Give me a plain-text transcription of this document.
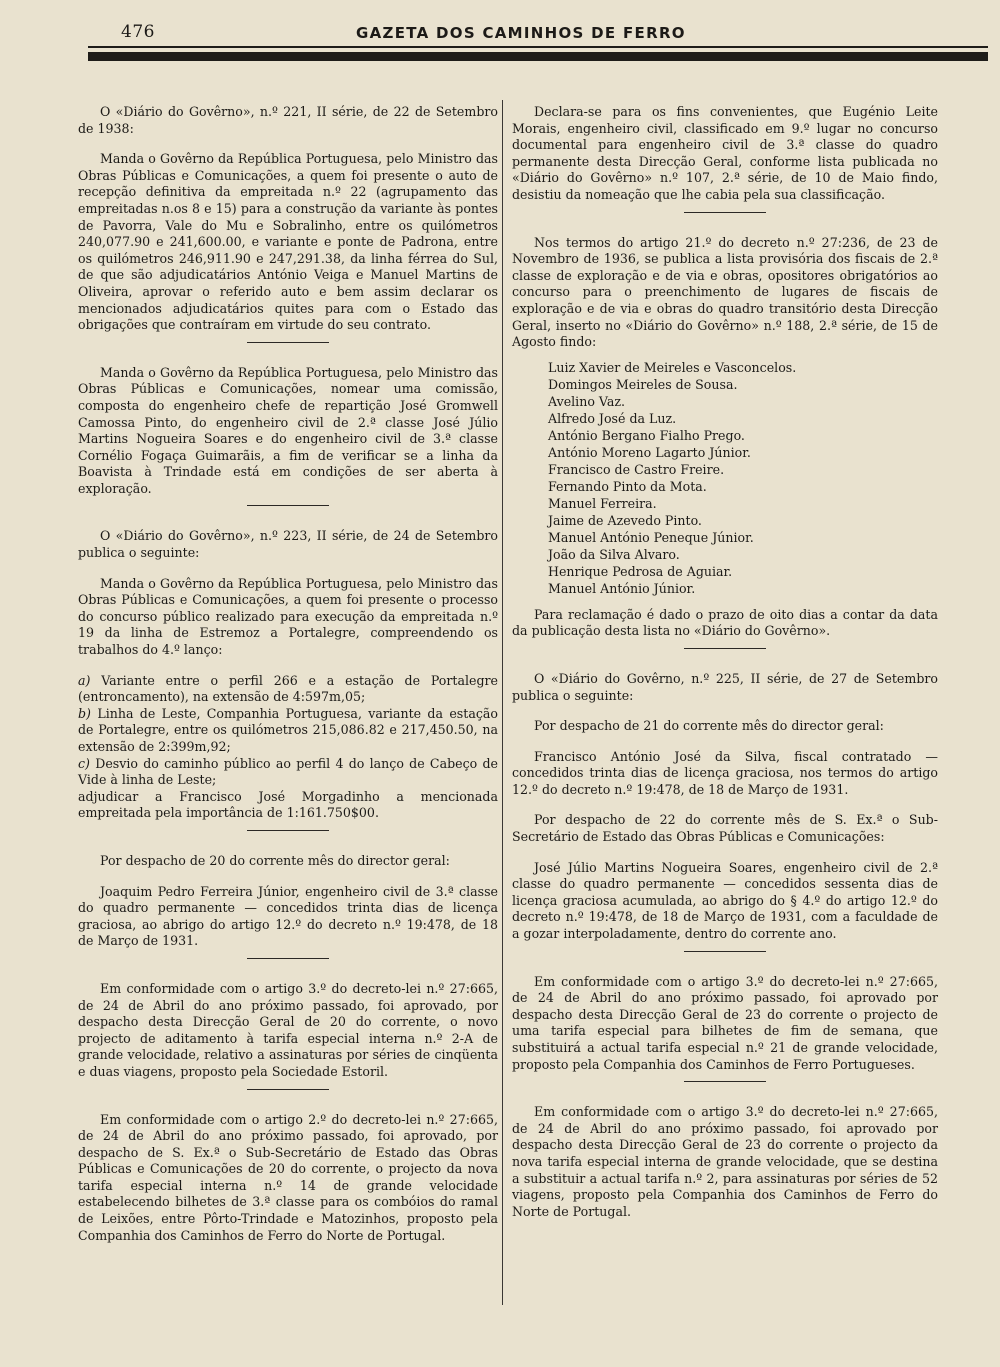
476	GAZETA DOS CAMINHOS DE FERRO

O «Diário do Govêrno», n.º 221, II série, de 22 de Setembro de 1938:

Manda o Govêrno da República Portuguesa, pelo Ministro das Obras Públicas e Comunicações, a quem foi presente o auto de recepção definitiva da empreitada n.º 22 (agrupamento das empreitadas n.os 8 e 15) para a construção da variante às pontes de Pavorra, Vale do Mu e Sobralinho, entre os quilómetros 240,077.90 e 241,600.00, e variante e ponte de Padrona, entre os quilómetros 246,911.90 e 247,291.38, da linha férrea do Sul, de que são adjudicatários António Veiga e Manuel Martins de Oliveira, aprovar o referido auto e bem assim declarar os mencionados adjudicatários quites para com o Estado das obrigações que contraíram em virtude do seu contrato.

Manda o Govêrno da República Portuguesa, pelo Ministro das Obras Públicas e Comunicações, nomear uma comissão, composta do engenheiro chefe de repartição José Gromwell Camossa Pinto, do engenheiro civil de 2.ª classe José Júlio Martins Nogueira Soares e do engenheiro civil de 3.ª classe Cornélio Fogaça Guimarãis, a fim de verificar se a linha da Boavista à Trindade está em condições de ser aberta à exploração.

O «Diário do Govêrno», n.º 223, II série, de 24 de Setembro publica o seguinte:

Manda o Govêrno da República Portuguesa, pelo Ministro das Obras Públicas e Comunicações, a quem foi presente o processo do concurso público realizado para execução da empreitada n.º 19 da linha de Estremoz a Portalegre, compreendendo os trabalhos do 4.º lanço:

a) Variante entre o perfil 266 e a estação de Portalegre (entroncamento), na extensão de 4:597m,05;

b) Linha de Leste, Companhia Portuguesa, variante da estação de Portalegre, entre os quilómetros 215,086.82 e 217,450.50, na extensão de 2:399m,92;

c) Desvio do caminho público ao perfil 4 do lanço de Cabeço de Vide à linha de Leste;

adjudicar a Francisco José Morgadinho a mencionada empreitada pela importância de 1:161.750$00.

Por despacho de 20 do corrente mês do director geral:

Joaquim Pedro Ferreira Júnior, engenheiro civil de 3.ª classe do quadro permanente — concedidos trinta dias de licença graciosa, ao abrigo do artigo 12.º do decreto n.º 19:478, de 18 de Março de 1931.

Em conformidade com o artigo 3.º do decreto-lei n.º 27:665, de 24 de Abril do ano próximo passado, foi aprovado, por despacho desta Direcção Geral de 20 do corrente, o novo projecto de aditamento à tarifa especial interna n.º 2-A de grande velocidade, relativo a assinaturas por séries de cinqüenta e duas viagens, proposto pela Sociedade Estoril.

Em conformidade com o artigo 2.º do decreto-lei n.º 27:665, de 24 de Abril do ano próximo passado, foi aprovado, por despacho de S. Ex.ª o Sub-Secretário de Estado das Obras Públicas e Comunicações de 20 do corrente, o projecto da nova tarifa especial interna n.º 14 de grande velocidade estabelecendo bilhetes de 3.ª classe para os combóios do ramal de Leixões, entre Pôrto-Trindade e Matozinhos, proposto pela Companhia dos Caminhos de Ferro do Norte de Portugal.

Declara-se para os fins convenientes, que Eugénio Leite Morais, engenheiro civil, classificado em 9.º lugar no concurso documental para engenheiro civil de 3.ª classe do quadro permanente desta Direcção Geral, conforme lista publicada no «Diário do Govêrno» n.º 107, 2.ª série, de 10 de Maio findo, desistiu da nomeação que lhe cabia pela sua classificação.

Nos termos do artigo 21.º do decreto n.º 27:236, de 23 de Novembro de 1936, se publica a lista provisória dos fiscais de 2.ª classe de exploração e de via e obras, opositores obrigatórios ao concurso para o preenchimento de lugares de fiscais de exploração e de via e obras do quadro transitório desta Direcção Geral, inserto no «Diário do Govêrno» n.º 188, 2.ª série, de 15 de Agosto findo:

Luiz Xavier de Meireles e Vasconcelos.
Domingos Meireles de Sousa.
Avelino Vaz.
Alfredo José da Luz.
António Bergano Fialho Prego.
António Moreno Lagarto Júnior.
Francisco de Castro Freire.
Fernando Pinto da Mota.
Manuel Ferreira.
Jaime de Azevedo Pinto.
Manuel António Peneque Júnior.
João da Silva Alvaro.
Henrique Pedrosa de Aguiar.
Manuel António Júnior.

Para reclamação é dado o prazo de oito dias a contar da data da publicação desta lista no «Diário do Govêrno».

O «Diário do Govêrno, n.º 225, II série, de 27 de Setembro publica o seguinte:

Por despacho de 21 do corrente mês do director geral:

Francisco António José da Silva, fiscal contratado — concedidos trinta dias de licença graciosa, nos termos do artigo 12.º do decreto n.º 19:478, de 18 de Março de 1931.

Por despacho de 22 do corrente mês de S. Ex.ª o Sub-Secretário de Estado das Obras Públicas e Comunicações:

José Júlio Martins Nogueira Soares, engenheiro civil de 2.ª classe do quadro permanente — concedidos sessenta dias de licença graciosa acumulada, ao abrigo do § 4.º do artigo 12.º do decreto n.º 19:478, de 18 de Março de 1931, com a faculdade de a gozar interpoladamente, dentro do corrente ano.

Em conformidade com o artigo 3.º do decreto-lei n.º 27:665, de 24 de Abril do ano próximo passado, foi aprovado por despacho desta Direcção Geral de 23 do corrente o projecto de uma tarifa especial para bilhetes de fim de semana, que substituirá a actual tarifa especial n.º 21 de grande velocidade, proposto pela Companhia dos Caminhos de Ferro Portugueses.

Em conformidade com o artigo 3.º do decreto-lei n.º 27:665, de 24 de Abril do ano próximo passado, foi aprovado por despacho desta Direcção Geral de 23 do corrente o projecto da nova tarifa especial interna de grande velocidade, que se destina a substituir a actual tarifa n.º 2, para assinaturas por séries de 52 viagens, proposto pela Companhia dos Caminhos de Ferro do Norte de Portugal.
